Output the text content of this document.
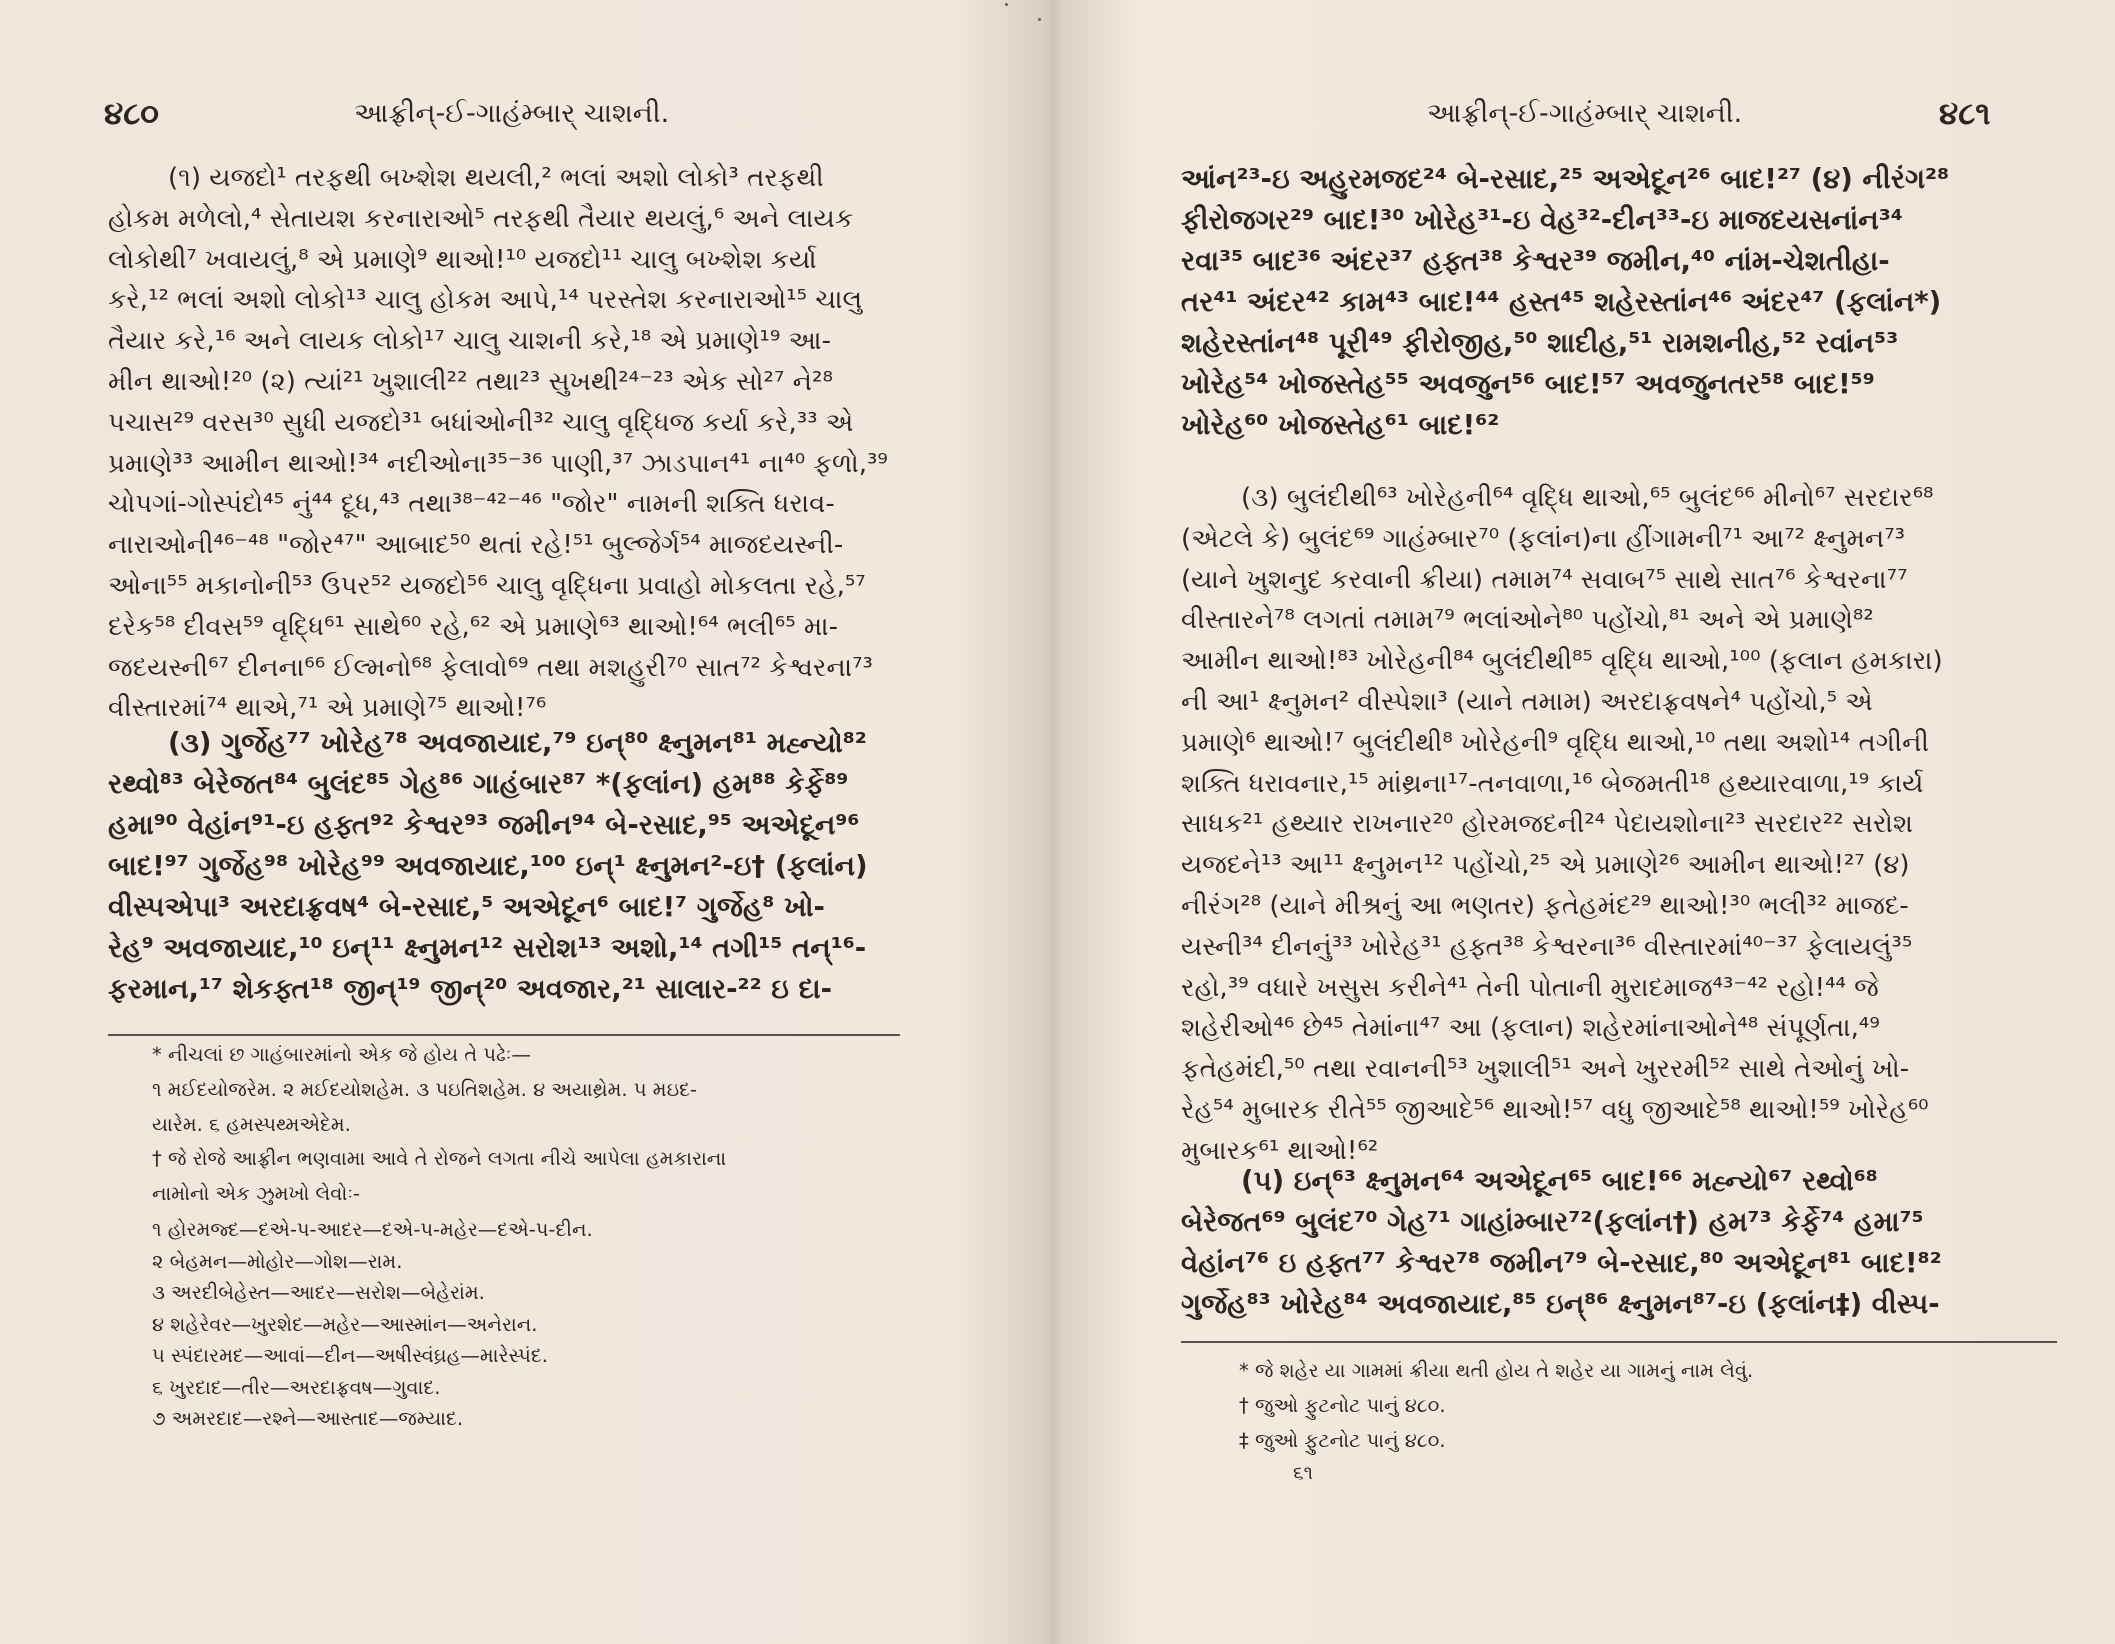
૪૮૦	આફ્રીન્-ઈ-ગાહંમ્બાર્ ચાશની.
(૧) યજદો¹ તરફથી બખ્શેશ થયલી,² ભલાં અશો લોકો³ તરફથી
હોકમ મળેલો,⁴ સેતાયશ કરનારાઓ⁵ તરફથી તૈયાર થયલું,⁶ અને લાયક
લોકોથી⁷ ખવાયલું,⁸ એ પ્રમાણે⁹ થાઓ!¹⁰ યજદો¹¹ ચાલુ બખ્શેશ કર્યા
કરે,¹² ભલાં અશો લોકો¹³ ચાલુ હોકમ આપે,¹⁴ પરસ્તેશ કરનારાઓ¹⁵ ચાલુ
તૈયાર કરે,¹⁶ અને લાયક લોકો¹⁷ ચાલુ ચાશની કરે,¹⁸ એ પ્રમાણે¹⁹ આ-
મીન થાઓ!²⁰ (૨) ત્યાં²¹ ખુશાલી²² તથા²³ સુખથી²⁴⁻²³ એક સો²⁷ ને²⁸
પચાસ²⁹ વરસ³⁰ સુધી યજદો³¹ બધાંઓની³² ચાલુ વૃદ્ધિજ કર્યા કરે,³³ એ
પ્રમાણે³³ આમીન થાઓ!³⁴ નદીઓના³⁵⁻³⁶ પાણી,³⁷ ઝાડપાન⁴¹ ના⁴⁰ ફળો,³⁹
ચોપગાં-ગોસ્પંદો⁴⁵ નું⁴⁴ દૂધ,⁴³ તથા³⁸⁻⁴²⁻⁴⁶ "જોર" નામની શક્તિ ધરાવ-
નારાઓની⁴⁶⁻⁴⁸ "જોર⁴⁷" આબાદ⁵⁰ થતાં રહે!⁵¹ બુલ્જેર્ગ⁵⁴ માજદયસ્ની-
ઓના⁵⁵ મકાનોની⁵³ ઉપર⁵² યજદો⁵⁶ ચાલુ વૃદ્ધિના પ્રવાહો મોકલતા રહે,⁵⁷
દરેક⁵⁸ દીવસ⁵⁹ વૃદ્ધિ⁶¹ સાથે⁶⁰ રહે,⁶² એ પ્રમાણે⁶³ થાઓ!⁶⁴ ભલી⁶⁵ મા-
જદયસ્ની⁶⁷ દીનના⁶⁶ ઈલ્મનો⁶⁸ ફેલાવો⁶⁹ તથા મશહુરી⁷⁰ સાત⁷² કેશ્વરના⁷³
વીસ્તારમાં⁷⁴ થાએ,⁷¹ એ પ્રમાણે⁷⁵ થાઓ!⁷⁶
(૩) ગુર્જેહ⁷⁷ ખોરેહ⁷⁸ અવજાયાદ,⁷⁹ ઇન્⁸⁰ ક્ષ્નુમન⁸¹ મહ્ન્યો⁸²
રથ્વો⁸³ બેરેજત⁸⁴ બુલંદ⁸⁵ ગેહ⁸⁶ ગાહંબાર⁸⁷ *(ફલાંન) હમ⁸⁸ કેર્ફે⁸⁹
હમા⁹⁰ વેહાંન⁹¹-ઇ હફ્ત⁹² કેશ્વર⁹³ જમીન⁹⁴ બે-રસાદ,⁹⁵ અએદૂન⁹⁶
બાદ!⁹⁷ ગુર્જેહ⁹⁸ ખોરેહ⁹⁹ અવજાયાદ,¹⁰⁰ ઇન્¹ ક્ષ્નુમન²-ઇ† (ફલાંન)
વીસ્પએપા³ અરદાફ્રવષ⁴ બે-રસાદ,⁵ અએદૂન⁶ બાદ!⁷ ગુર્જેહ⁸ ખો-
રેહ⁹ અવજાયાદ,¹⁰ ઇન્¹¹ ક્ષ્નુમન¹² સરોશ¹³ અશો,¹⁴ તગી¹⁵ તન્¹⁶-
ફરમાન,¹⁷ શેકફ્ત¹⁸ જીન્¹⁹ જીન્²⁰ અવજાર,²¹ સાલાર-²² ઇ દા-
* નીચલાં છ ગાહંબારમાંનો એક જે હોય તે પઢેઃ—
૧ મઈદયોજરેમ. ૨ મઈદયોશહેમ. ૩ પઇતિશહેમ. ૪ અયાથ્રેમ. ૫ મઇદ-
યારેમ. ૬ હમસ્પથ્મએદેમ.
† જે રોજે આફ્રીન ભણવામા આવે તે રોજને લગતા નીચે આપેલા હમકારાના
નામોનો એક ઝુમખો લેવોઃ-
૧ હોરમજ્દ—દએ-પ-આદર—દએ-પ-મહેર—દએ-પ-દીન.
૨ બેહમન—મોહોર—ગોશ—રામ.
૩ અરદીબેહેસ્ત—આદર—સરોશ—બેહેરાંમ.
૪ શહેરેવર—ખુરશેદ—મહેર—આસ્માંન—અનેરાન.
૫ સ્પંદારમદ—આવાં—દીન—અષીસ્વંઘ્રહ—મારેસ્પંદ.
૬ ખુરદાદ—તીર—અરદાફ્રવષ—ગુવાદ.
૭ અમરદાદ—રશ્ને—આસ્તાદ—જમ્યાદ.
આફ્રીન્-ઈ-ગાહંમ્બાર્ ચાશની.	૪૮૧
આંન²³-ઇ અહુરમજદ²⁴ બે-રસાદ,²⁵ અએદૂન²⁶ બાદ!²⁷ (૪) નીરંગ²⁸
ફીરોજગર²⁹ બાદ!³⁰ ખોરેહ³¹-ઇ વેહ³²-દીન³³-ઇ માજદયસનાંન³⁴
રવા³⁵ બાદ³⁶ અંદર³⁷ હફ્ત³⁸ કેશ્વર³⁹ જમીન,⁴⁰ નાંમ-ચેશતીહા-
તર⁴¹ અંદર⁴² કામ⁴³ બાદ!⁴⁴ હસ્ત⁴⁵ શહેરસ્તાંન⁴⁶ અંદર⁴⁷ (ફલાંન*)
શહેરસ્તાંન⁴⁸ પૂરી⁴⁹ ફીરોજીહ,⁵⁰ શાદીહ,⁵¹ રામશનીહ,⁵² રવાંન⁵³
ખોરેહ⁵⁴ ખોજસ્તેહ⁵⁵ અવજુન⁵⁶ બાદ!⁵⁷ અવજુનતર⁵⁸ બાદ!⁵⁹
ખોરેહ⁶⁰ ખોજસ્તેહ⁶¹ બાદ!⁶²
(૩) બુલંદીથી⁶³ ખોરેહની⁶⁴ વૃદ્ધિ થાઓ,⁶⁵ બુલંદ⁶⁶ મીનો⁶⁷ સરદાર⁶⁸
(એટલે કે) બુલંદ⁶⁹ ગાહંમ્બાર⁷⁰ (ફલાંન)ના હીંગામની⁷¹ આ⁷² ક્ષ્નુમન⁷³
(યાને ખુશનુદ કરવાની ક્રીયા) તમામ⁷⁴ સવાબ⁷⁵ સાથે સાત⁷⁶ કેશ્વરના⁷⁷
વીસ્તારને⁷⁸ લગતાં તમામ⁷⁹ ભલાંઓને⁸⁰ પહોંચો,⁸¹ અને એ પ્રમાણે⁸²
આમીન થાઓ!⁸³ ખોરેહની⁸⁴ બુલંદીથી⁸⁵ વૃદ્ધિ થાઓ,¹⁰⁰ (ફલાન હમકારા)
ની આ¹ ક્ષ્નુમન² વીસ્પેશા³ (યાને તમામ) અરદાફ્રવષને⁴ પહોંચો,⁵ એ
પ્રમાણે⁶ થાઓ!⁷ બુલંદીથી⁸ ખોરેહની⁹ વૃદ્ધિ થાઓ,¹⁰ તથા અશો¹⁴ તગીની
શક્તિ ધરાવનાર,¹⁵ માંથ્રના¹⁷-તનવાળા,¹⁶ બેજમતી¹⁸ હથ્યારવાળા,¹⁹ કાર્ય
સાધક²¹ હથ્યાર રાખનાર²⁰ હોરમજદની²⁴ પેદાયશોના²³ સરદાર²² સરોશ
યજદને¹³ આ¹¹ ક્ષ્નુમન¹² પહોંચો,²⁵ એ પ્રમાણે²⁶ આમીન થાઓ!²⁷ (૪)
નીરંગ²⁸ (યાને મીશ્રનું આ ભણતર) ફતેહમંદ²⁹ થાઓ!³⁰ ભલી³² માજદ-
યસ્ની³⁴ દીનનું³³ ખોરેહ³¹ હફ્ત³⁸ કેશ્વરના³⁶ વીસ્તારમાં⁴⁰⁻³⁷ ફેલાયલું³⁵
રહો,³⁹ વધારે ખસુસ કરીને⁴¹ તેની પોતાની મુરાદમાજ⁴³⁻⁴² રહો!⁴⁴ જે
શહેરીઓ⁴⁶ છે⁴⁵ તેમાંના⁴⁷ આ (ફલાન) શહેરમાંનાઓને⁴⁸ સંપૂર્ણતા,⁴⁹
ફતેહમંદી,⁵⁰ તથા રવાનની⁵³ ખુશાલી⁵¹ અને ખુરરમી⁵² સાથે તેઓનું ખો-
રેહ⁵⁴ મુબારક રીતે⁵⁵ જીઆદે⁵⁶ થાઓ!⁵⁷ વધુ જીઆદે⁵⁸ થાઓ!⁵⁹ ખોરેહ⁶⁰
મુબારક⁶¹ થાઓ!⁶²
(૫) ઇન્⁶³ ક્ષ્નુમન⁶⁴ અએદૂન⁶⁵ બાદ!⁶⁶ મહ્ન્યો⁶⁷ રથ્વો⁶⁸
બેરેજત⁶⁹ બુલંદ⁷⁰ ગેહ⁷¹ ગાહાંમ્બાર⁷²(ફલાંન†) હમ⁷³ કેર્ફે⁷⁴ હમા⁷⁵
વેહાંન⁷⁶ ઇ હફ્ત⁷⁷ કેશ્વર⁷⁸ જમીન⁷⁹ બે-રસાદ,⁸⁰ અએદૂન⁸¹ બાદ!⁸²
ગુર્જેહ⁸³ ખોરેહ⁸⁴ અવજાયાદ,⁸⁵ ઇન્⁸⁶ ક્ષ્નુમન⁸⁷-ઇ (ફલાંન‡) વીસ્પ-
* જે શહેર યા ગામમાં ક્રીયા થતી હોય તે શહેર યા ગામનું નામ લેવું.
† જુઓ ફુટનોટ પાનું ૪૮૦.
‡ જુઓ ફુટનોટ પાનું ૪૮૦.
૬૧
